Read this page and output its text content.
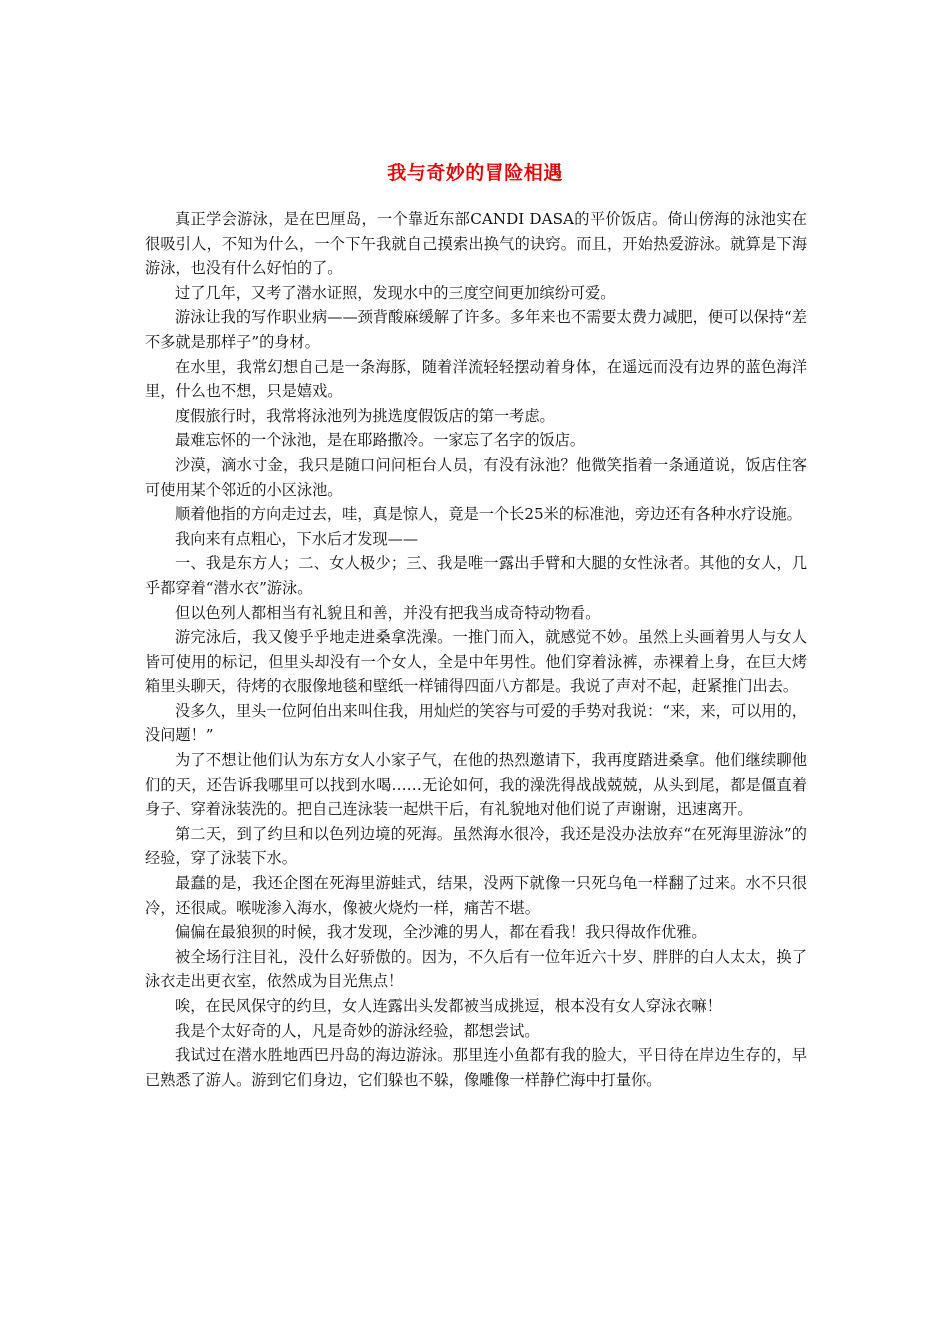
我与奇妙的冒险相遇

真正学会游泳，是在巴厘岛，一个靠近东部CANDI DASA的平价饭店。倚山傍海的泳池实在很吸引人，不知为什么，一个下午我就自己摸索出换气的诀窍。而且，开始热爱游泳。就算是下海游泳，也没有什么好怕的了。

过了几年，又考了潜水证照，发现水中的三度空间更加缤纷可爱。

游泳让我的写作职业病——颈背酸麻缓解了许多。多年来也不需要太费力减肥，便可以保持“差不多就是那样子”的身材。

在水里，我常幻想自己是一条海豚，随着洋流轻轻摆动着身体，在遥远而没有边界的蓝色海洋里，什么也不想，只是嬉戏。

度假旅行时，我常将泳池列为挑选度假饭店的第一考虑。

最难忘怀的一个泳池，是在耶路撒冷。一家忘了名字的饭店。

沙漠，滴水寸金，我只是随口问问柜台人员，有没有泳池？他微笑指着一条通道说，饭店住客可使用某个邻近的小区泳池。

顺着他指的方向走过去，哇，真是惊人，竟是一个长25米的标准池，旁边还有各种水疗设施。

我向来有点粗心，下水后才发现——

一、我是东方人；二、女人极少；三、我是唯一露出手臂和大腿的女性泳者。其他的女人，几乎都穿着“潜水衣”游泳。

但以色列人都相当有礼貌且和善，并没有把我当成奇特动物看。

游完泳后，我又傻乎乎地走进桑拿洗澡。一推门而入，就感觉不妙。虽然上头画着男人与女人皆可使用的标记，但里头却没有一个女人，全是中年男性。他们穿着泳裤，赤裸着上身，在巨大烤箱里头聊天，待烤的衣服像地毯和壁纸一样铺得四面八方都是。我说了声对不起，赶紧推门出去。

没多久，里头一位阿伯出来叫住我，用灿烂的笑容与可爱的手势对我说：“来，来，可以用的，没问题！”

为了不想让他们认为东方女人小家子气，在他的热烈邀请下，我再度踏进桑拿。他们继续聊他们的天，还告诉我哪里可以找到水喝……无论如何，我的澡洗得战战兢兢，从头到尾，都是僵直着身子、穿着泳装洗的。把自己连泳装一起烘干后，有礼貌地对他们说了声谢谢，迅速离开。

第二天，到了约旦和以色列边境的死海。虽然海水很冷，我还是没办法放弃“在死海里游泳”的经验，穿了泳装下水。

最蠢的是，我还企图在死海里游蛙式，结果，没两下就像一只死乌龟一样翻了过来。水不只很冷，还很咸。喉咙渗入海水，像被火烧灼一样，痛苦不堪。

偏偏在最狼狈的时候，我才发现，全沙滩的男人，都在看我！我只得故作优雅。

被全场行注目礼，没什么好骄傲的。因为，不久后有一位年近六十岁、胖胖的白人太太，换了泳衣走出更衣室，依然成为目光焦点！

唉，在民风保守的约旦，女人连露出头发都被当成挑逗，根本没有女人穿泳衣嘛！

我是个太好奇的人，凡是奇妙的游泳经验，都想尝试。

我试过在潜水胜地西巴丹岛的海边游泳。那里连小鱼都有我的脸大，平日待在岸边生存的，早已熟悉了游人。游到它们身边，它们躲也不躲，像雕像一样静伫海中打量你。
